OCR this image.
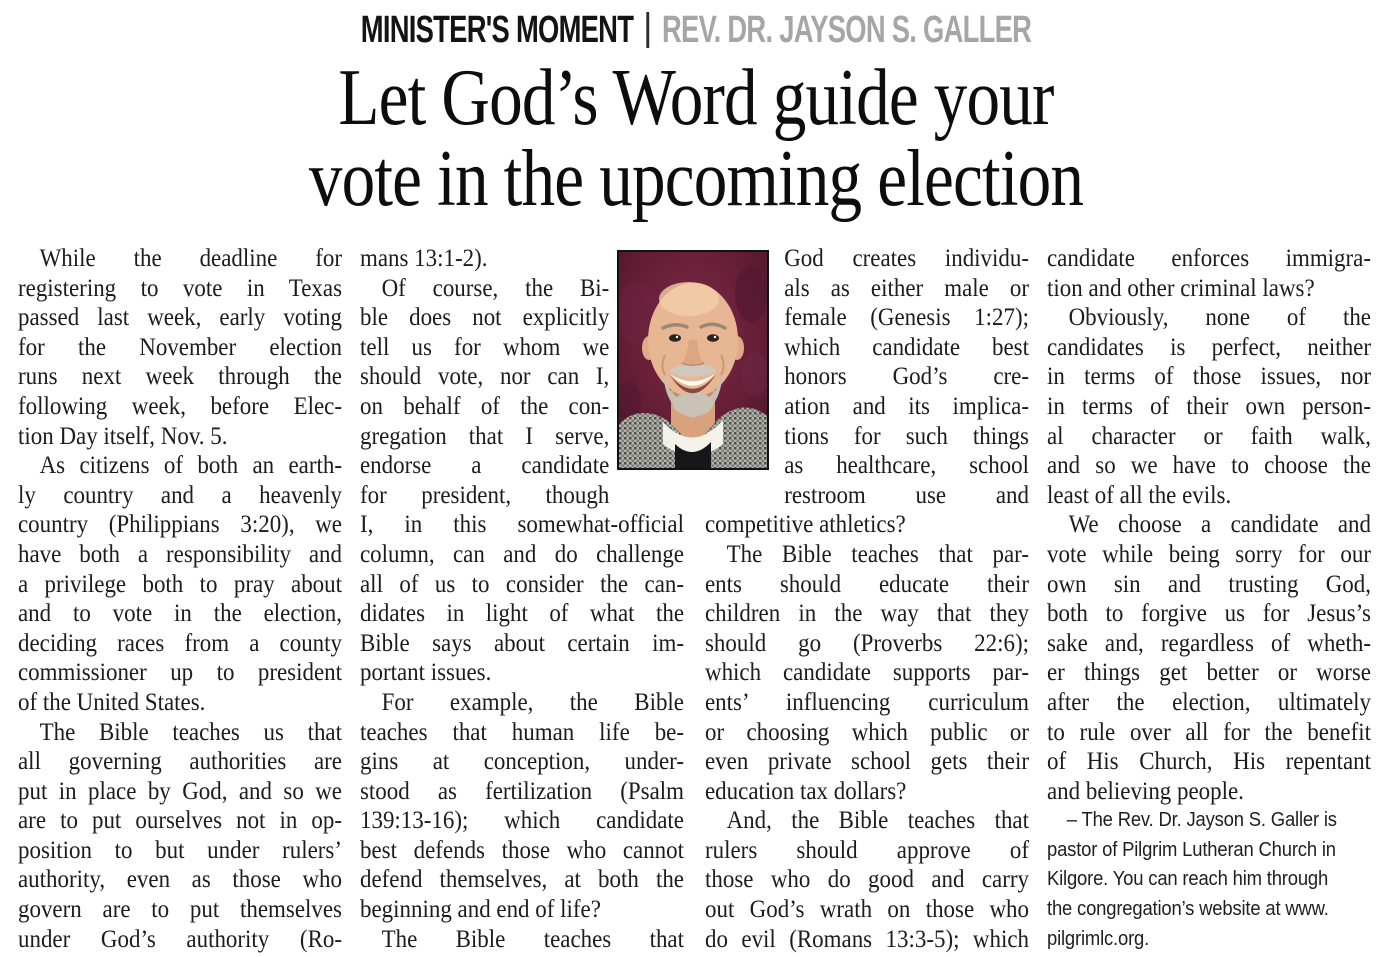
MINISTER'S MOMENT REV. DR. JAYSON S. GALLER
Let God’s Word guide your
vote in the upcoming election
While the deadline for
registering to vote in Texas
passed last week, early voting
for the November election
runs next week through the
following week, before Elec-
tion Day itself, Nov. 5.
As citizens of both an earth-
ly country and a heavenly
country (Philippians 3:20), we
have both a responsibility and
a privilege both to pray about
and to vote in the election,
deciding races from a county
commissioner up to president
of the United States.
The Bible teaches us that
all governing authorities are
put in place by God, and so we
are to put ourselves not in op-
position to but under rulers’
authority, even as those who
govern are to put themselves
under God’s authority (Ro-
mans 13:1-2).
Of course, the Bi-
ble does not explicitly
tell us for whom we
should vote, nor can I,
on behalf of the con-
gregation that I serve,
endorse a candidate
for president, though
I, in this somewhat-official
column, can and do challenge
all of us to consider the can-
didates in light of what the
Bible says about certain im-
portant issues.
For example, the Bible
teaches that human life be-
gins at conception, under-
stood as fertilization (Psalm
139:13-16); which candidate
best defends those who cannot
defend themselves, at both the
beginning and end of life?
The Bible teaches that
God creates individu-
als as either male or
female (Genesis 1:27);
which candidate best
honors God’s cre-
ation and its implica-
tions for such things
as healthcare, school
restroom use and
competitive athletics?
The Bible teaches that par-
ents should educate their
children in the way that they
should go (Proverbs 22:6);
which candidate supports par-
ents’ influencing curriculum
or choosing which public or
even private school gets their
education tax dollars?
And, the Bible teaches that
rulers should approve of
those who do good and carry
out God’s wrath on those who
do evil (Romans 13:3-5); which
candidate enforces immigra-
tion and other criminal laws?
Obviously, none of the
candidates is perfect, neither
in terms of those issues, nor
in terms of their own person-
al character or faith walk,
and so we have to choose the
least of all the evils.
We choose a candidate and
vote while being sorry for our
own sin and trusting God,
both to forgive us for Jesus’s
sake and, regardless of wheth-
er things get better or worse
after the election, ultimately
to rule over all for the benefit
of His Church, His repentant
and believing people.
– The Rev. Dr. Jayson S. Galler is
pastor of Pilgrim Lutheran Church in
Kilgore. You can reach him through
the congregation’s website at www.
pilgrimlc.org.
